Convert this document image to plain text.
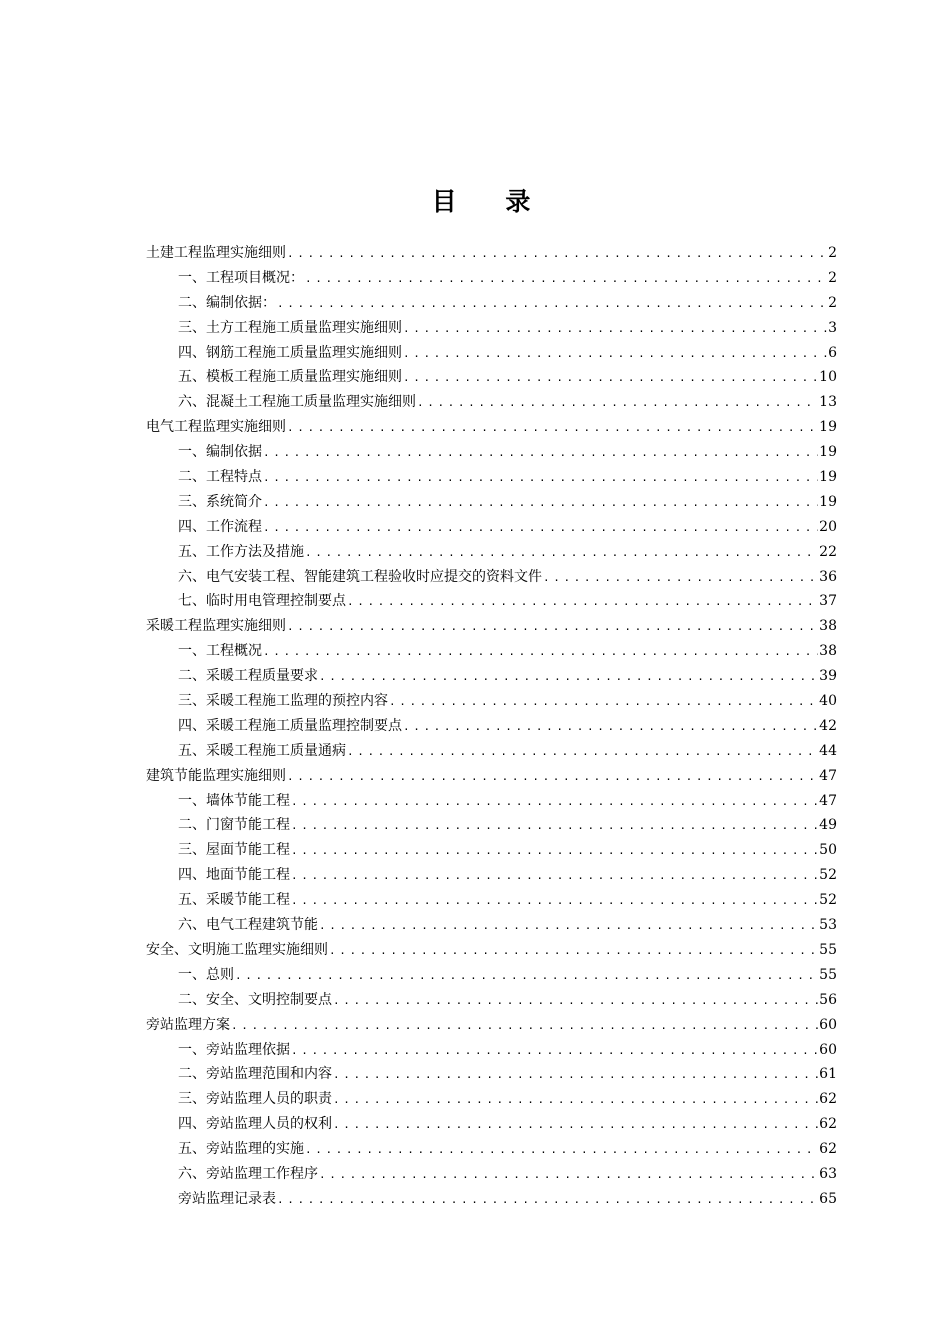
目 录
土建工程监理实施细则 .....	2
一、工程项目概况： .....	2
二、编制依据： .....	2
三、土方工程施工质量监理实施细则 .....	3
四、钢筋工程施工质量监理实施细则 .....	6
五、模板工程施工质量监理实施细则 .....	10
六、混凝土工程施工质量监理实施细则 .....	13
电气工程监理实施细则 .....	19
一、编制依据 .....	19
二、工程特点 .....	19
三、系统简介 .....	19
四、工作流程 .....	20
五、工作方法及措施 .....	22
六、电气安装工程、智能建筑工程验收时应提交的资料文件 .....	36
七、临时用电管理控制要点 .....	37
采暖工程监理实施细则 .....	38
一、工程概况 .....	38
二、采暖工程质量要求 .....	39
三、采暖工程施工监理的预控内容 .....	40
四、采暖工程施工质量监理控制要点 .....	42
五、采暖工程施工质量通病 .....	44
建筑节能监理实施细则 .....	47
一、墙体节能工程 .....	47
二、门窗节能工程 .....	49
三、屋面节能工程 .....	50
四、地面节能工程 .....	52
五、采暖节能工程 .....	52
六、电气工程建筑节能 .....	53
安全、文明施工监理实施细则 .....	55
一、总则 .....	55
二、安全、文明控制要点 .....	56
旁站监理方案 .....	60
一、旁站监理依据 .....	60
二、旁站监理范围和内容 .....	61
三、旁站监理人员的职责 .....	62
四、旁站监理人员的权利 .....	62
五、旁站监理的实施 .....	62
六、旁站监理工作程序 .....	63
旁站监理记录表 .....	65
